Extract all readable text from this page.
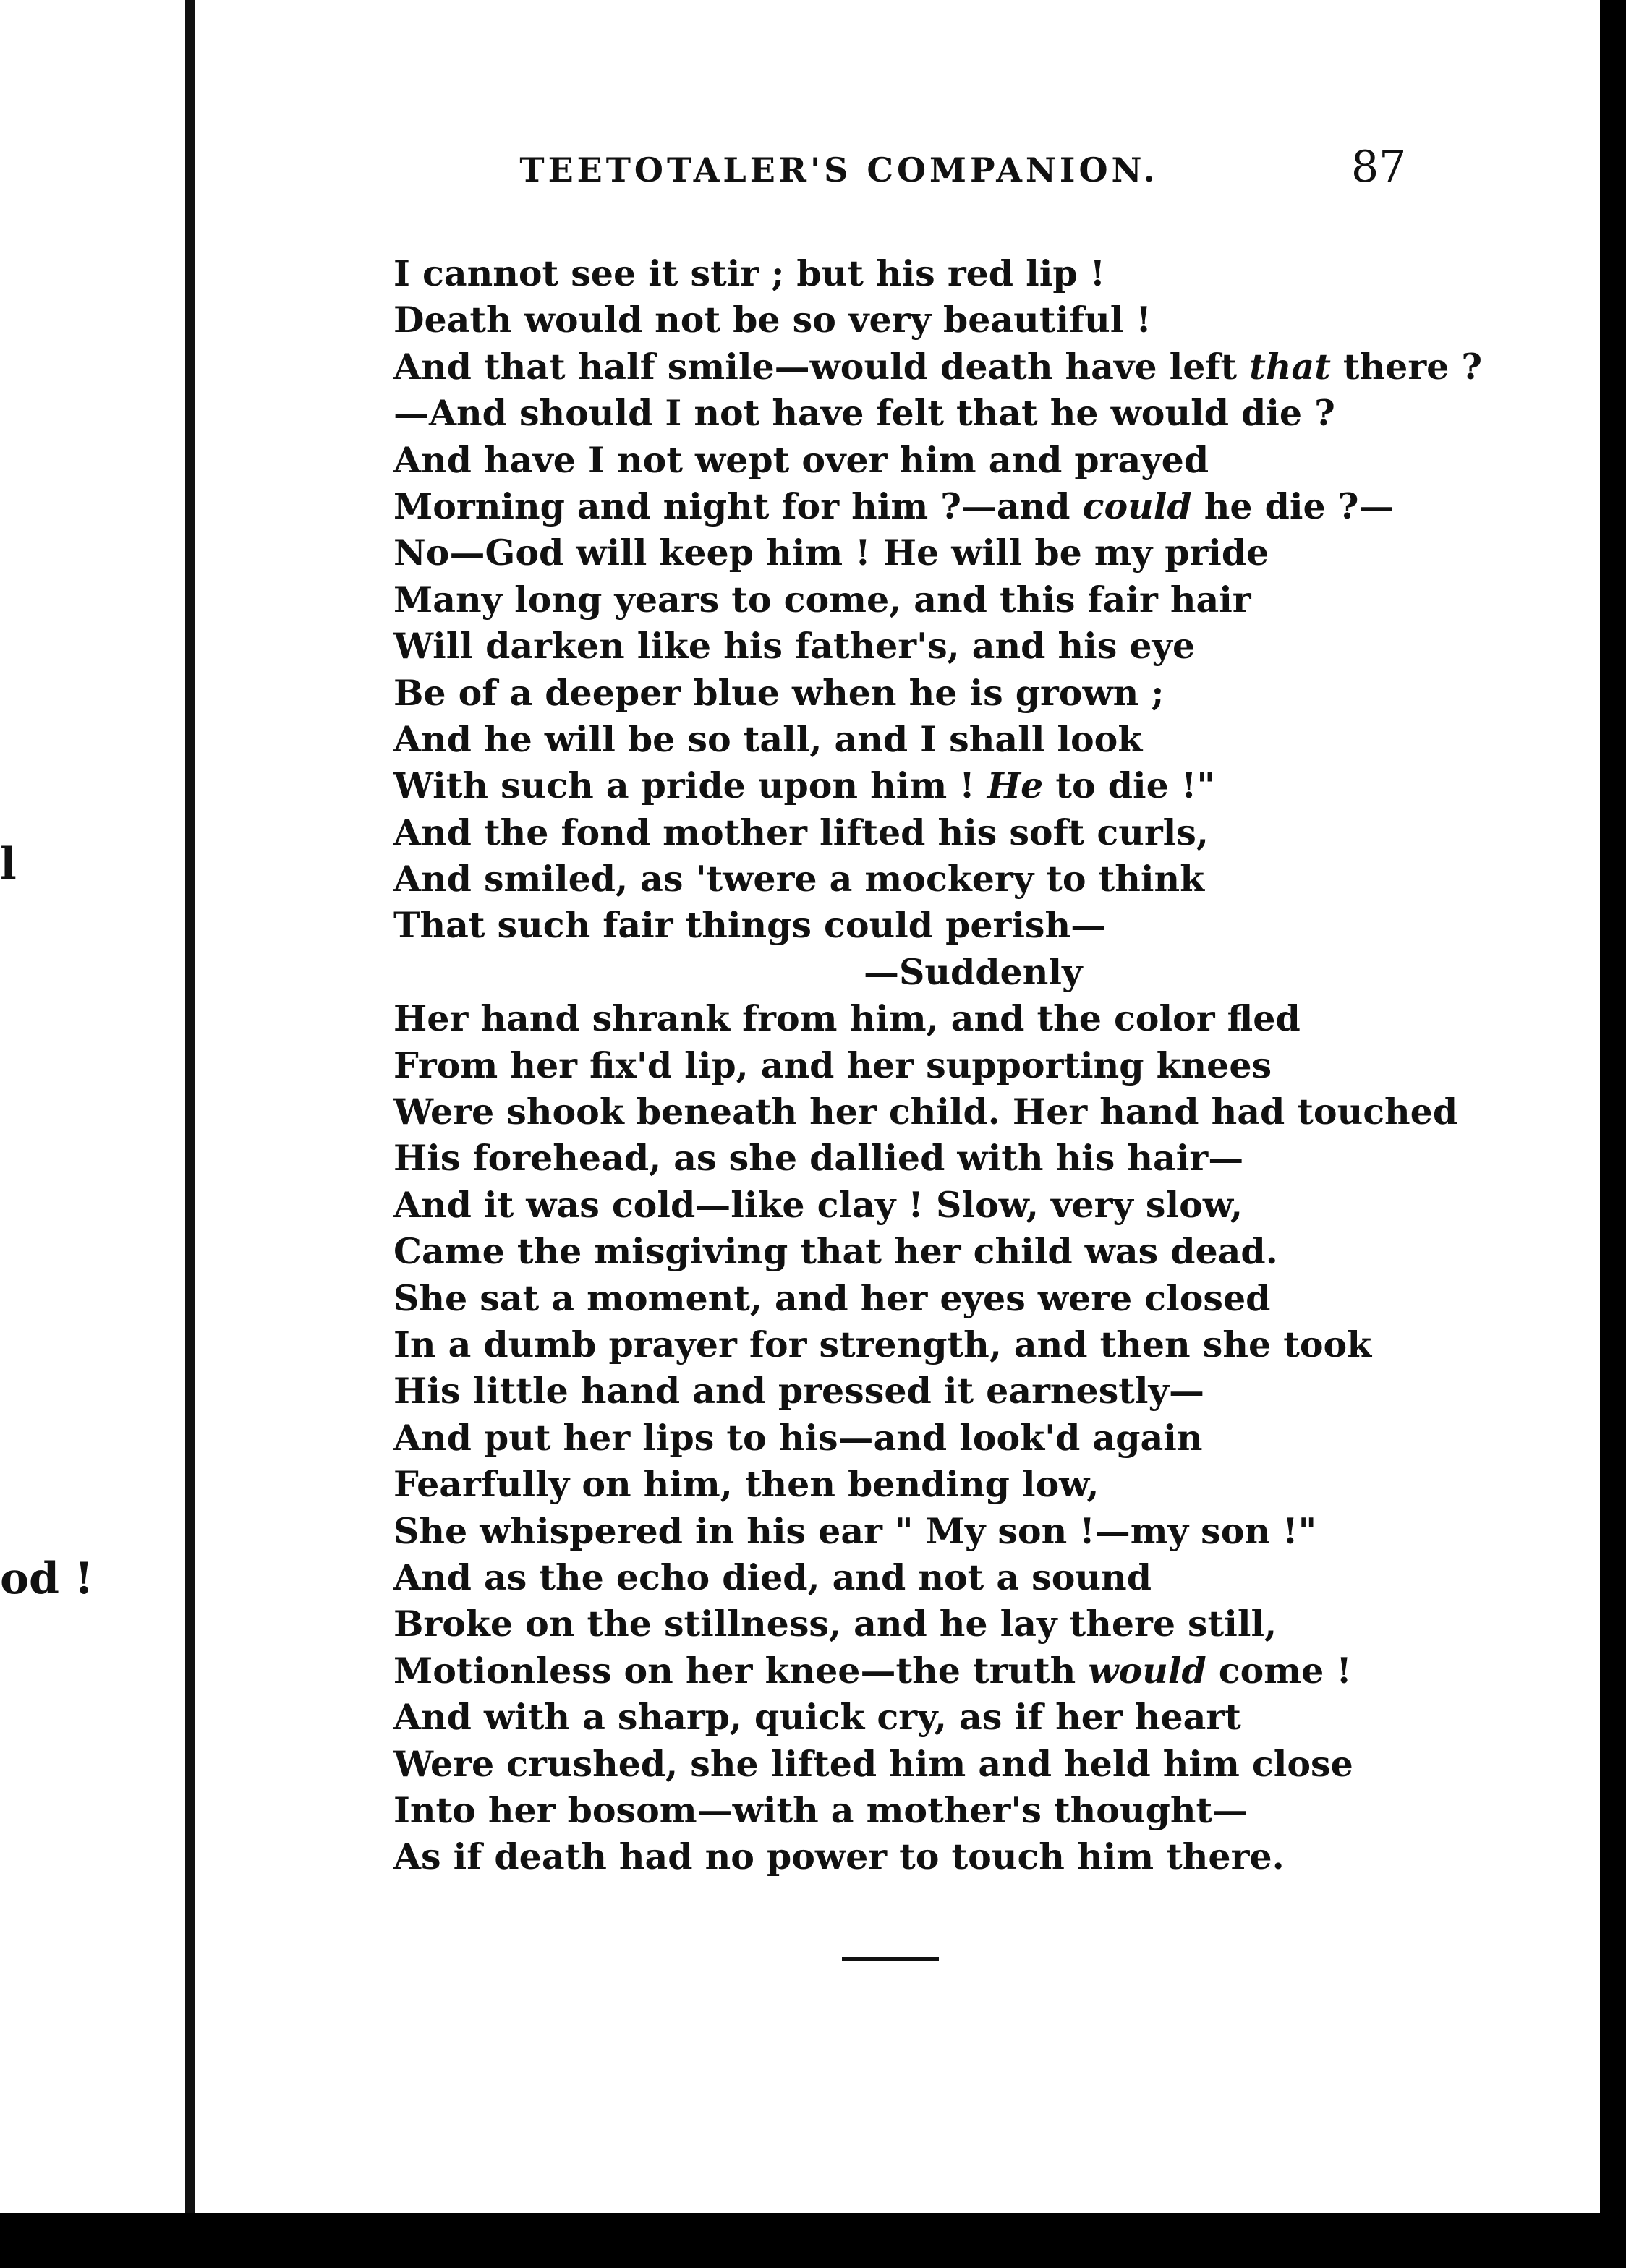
l
od !
TEETOTALER'S COMPANION.	87
I cannot see it stir ; but his red lip !
Death would not be so very beautiful !
And that half smile—would death have left that there ?
—And should I not have felt that he would die ?
And have I not wept over him and prayed
Morning and night for him ?—and could he die ?—
No—God will keep him ! He will be my pride
Many long years to come, and this fair hair
Will darken like his father's, and his eye
Be of a deeper blue when he is grown ;
And he will be so tall, and I shall look
With such a pride upon him ! He to die !"
And the fond mother lifted his soft curls,
And smiled, as 'twere a mockery to think
That such fair things could perish—
—Suddenly
Her hand shrank from him, and the color fled
From her fix'd lip, and her supporting knees
Were shook beneath her child. Her hand had touched
His forehead, as she dallied with his hair—
And it was cold—like clay ! Slow, very slow,
Came the misgiving that her child was dead.
She sat a moment, and her eyes were closed
In a dumb prayer for strength, and then she took
His little hand and pressed it earnestly—
And put her lips to his—and look'd again
Fearfully on him, then bending low,
She whispered in his ear " My son !—my son !"
And as the echo died, and not a sound
Broke on the stillness, and he lay there still,
Motionless on her knee—the truth would come !
And with a sharp, quick cry, as if her heart
Were crushed, she lifted him and held him close
Into her bosom—with a mother's thought—
As if death had no power to touch him there.
